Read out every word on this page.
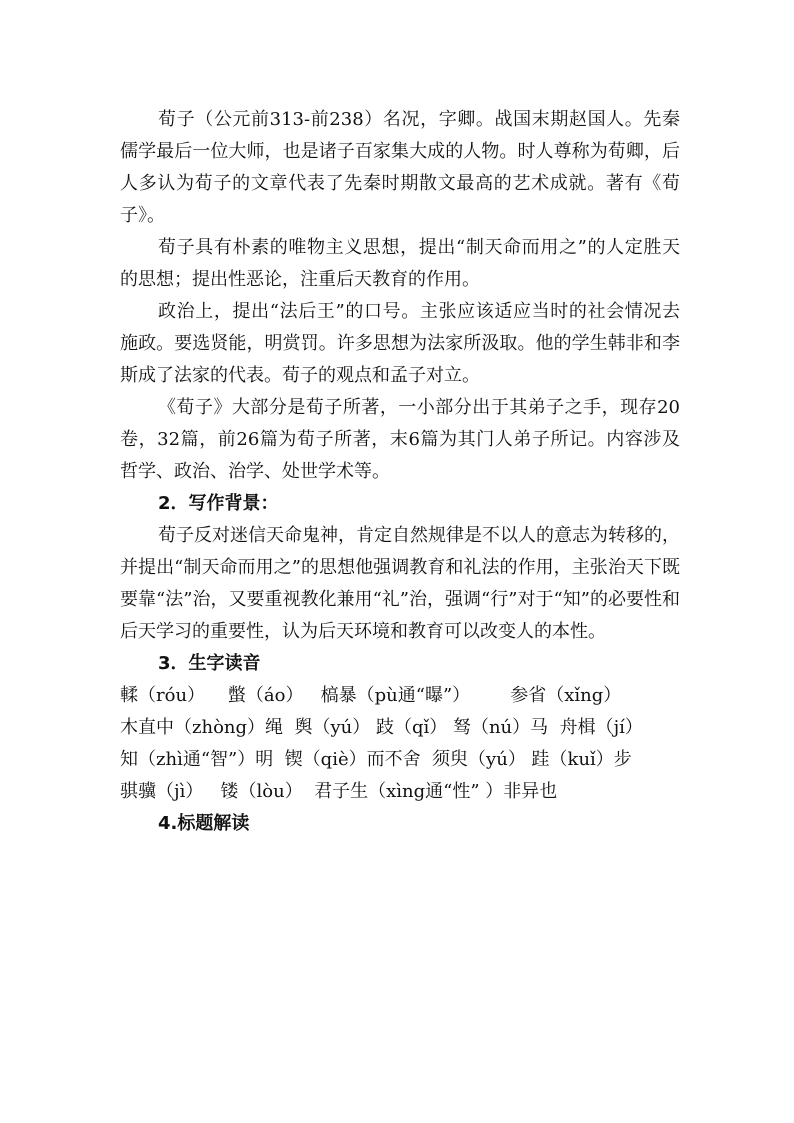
荀子（公元前313-前238）名况，字卿。战国末期赵国人。先秦儒学最后一位大师，也是诸子百家集大成的人物。时人尊称为荀卿，后人多认为荀子的文章代表了先秦时期散文最高的艺术成就。著有《荀子》。

荀子具有朴素的唯物主义思想，提出“制天命而用之”的人定胜天的思想；提出性恶论，注重后天教育的作用。

政治上，提出“法后王”的口号。主张应该适应当时的社会情况去施政。要选贤能，明赏罚。许多思想为法家所汲取。他的学生韩非和李斯成了法家的代表。荀子的观点和孟子对立。

《荀子》大部分是荀子所著，一小部分出于其弟子之手，现存20卷，32篇，前26篇为荀子所著，末6篇为其门人弟子所记。内容涉及哲学、政治、治学、处世学术等。

2．写作背景：

荀子反对迷信天命鬼神，肯定自然规律是不以人的意志为转移的，并提出“制天命而用之”的思想他强调教育和礼法的作用，主张治天下既要靠“法”治，又要重视教化兼用“礼”治，强调“行”对于“知”的必要性和后天学习的重要性，认为后天环境和教育可以改变人的本性。

3．生字读音

輮（róu）    蟞（áo）   槁暴（pù通“曝”）       参省（xǐng）

木直中（zhòng）绳  舆（yú） 跂（qǐ） 驽（nú）马  舟楫（jí）

知（zhì通“智”）明  锲（qiè）而不舍  须臾（yú） 跬（kuǐ）步

骐骥（jì）   镂（lòu）  君子生（xìng通“性” ）非异也

4.标题解读
